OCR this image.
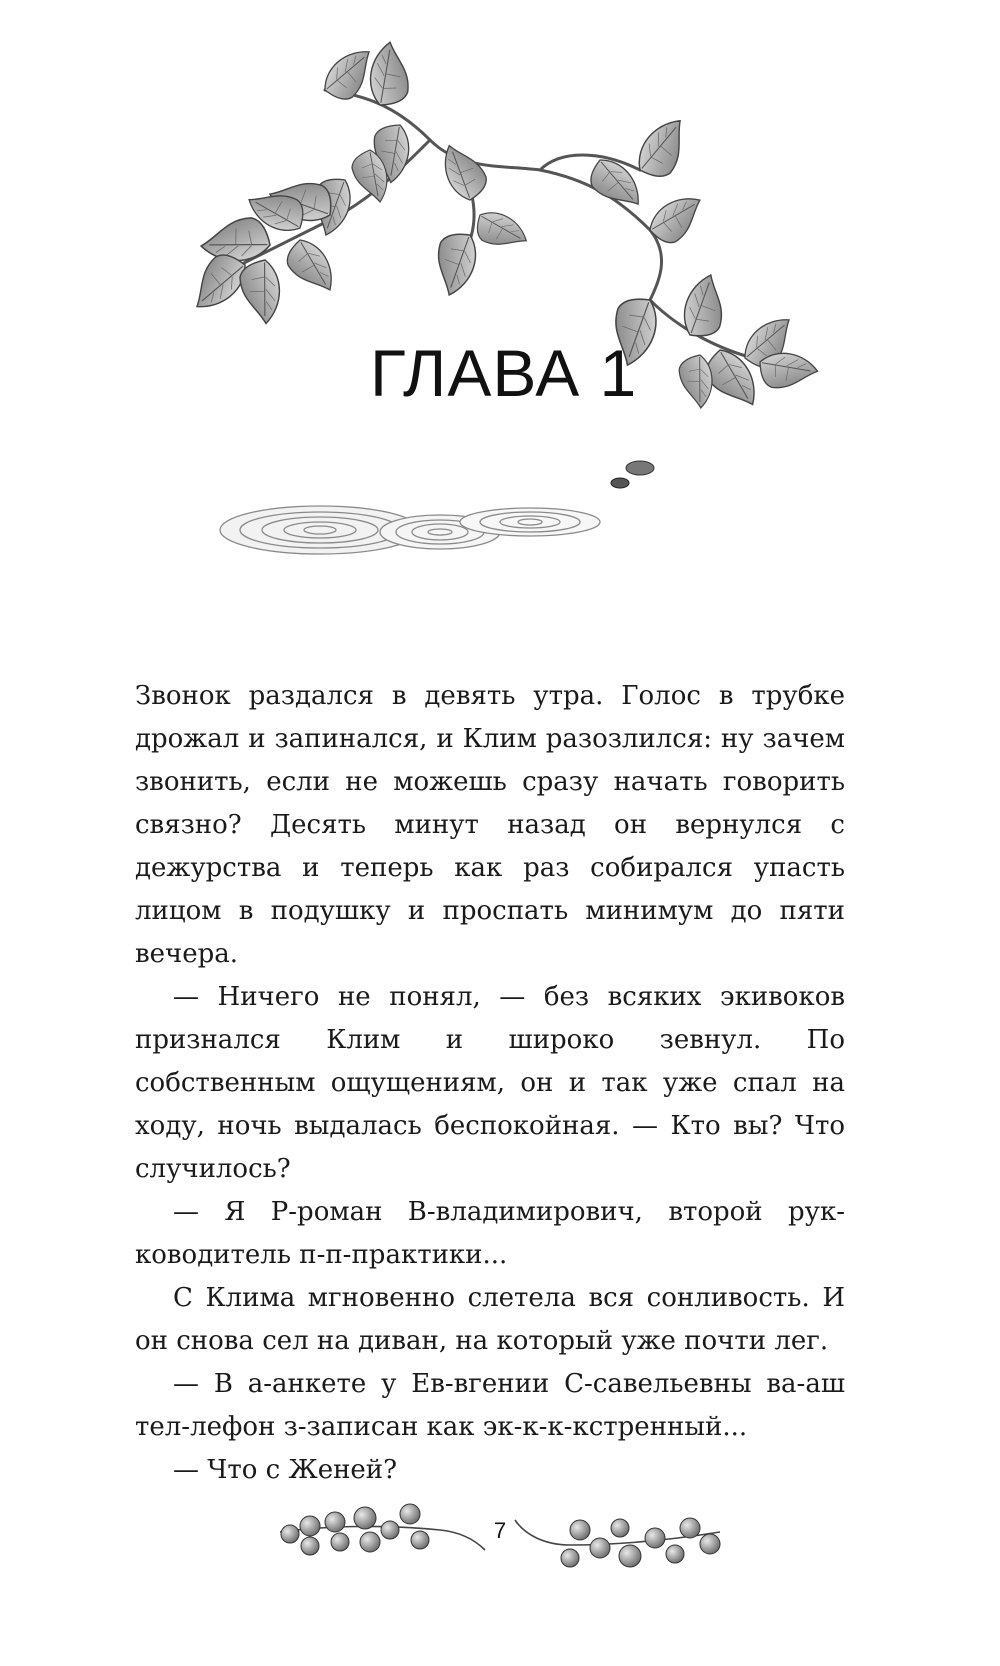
ГЛАВА 1

Звонок раздался в девять утра. Голос в трубке дрожал и запинался, и Клим разозлился: ну зачем звонить, если не можешь сразу начать говорить связно? Десять минут назад он вернулся с дежурства и теперь как раз собирался упасть лицом в подушку и проспать минимум до пяти вечера.

— Ничего не понял, — без всяких экивоков признался Клим и широко зевнул. По собственным ощущениям, он и так уже спал на ходу, ночь выдалась беспокойная. — Кто вы? Что случилось?

— Я Р-роман В-владимирович, второй рук-ководитель п-п-практики...

С Клима мгновенно слетела вся сонливость. И он снова сел на диван, на который уже почти лег.

— В а-анкете у Ев-вгении С-савельевны ва-аш тел-лефон з-записан как эк-к-к-кстренный...

— Что с Женей?

7
